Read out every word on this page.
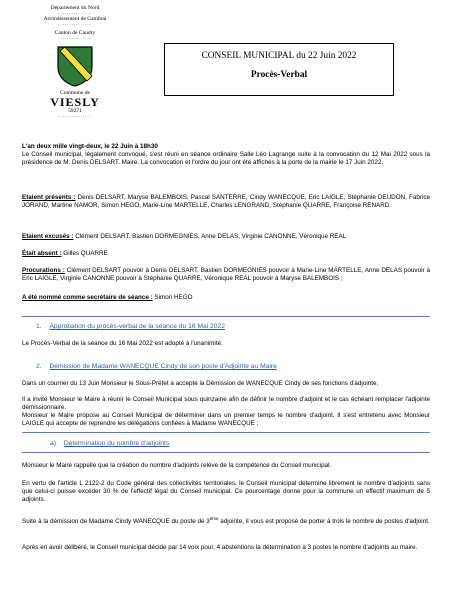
Département du Nord
...............
Arrondissement de Cambrai
...............
Canton de Caudry
...............
Commune de
VIESLY
59271
...............
CONSEIL MUNICIPAL du 22 Juin 2022
Procès-Verbal
L'an deux mille vingt-deux, le 22 Juin à 18h30
Le Conseil municipal, légalement convoqué, s'est réuni en séance ordinaire Salle Léo Lagrange suite à la convocation du 12 Mai 2022 sous la présidence de M. Denis DELSART, Maire. La convocation et l'ordre du jour ont été affichés à la porte de la mairie le 17 Juin 2022.
Etaient présents : Denis DELSART, Maryse BALEMBOIS, Pascal SANTERRE, Cindy WANECQUE, Eric LAIGLE, Stéphanie DEUDON, Fabrice JORAND, Martine NAMOR, Simon HEGO, Marie-Line MARTELLE, Charles LENGRAND, Stéphanie QUARRE, Françoise RENARD.
Etaient excusés : Clément DELSART, Bastien DORMEGNIES, Anne DELAS, Virginie CANONNE, Véronique REAL
Était absent : Gilles QUARRE
Procurations : Clément DELSART pouvoir à Denis DELSART, Bastien DORMEGNIES pouvoir à Marie-Line MARTELLE, Anne DELAS pouvoir à Eric LAIGLE, Virginie CANONNE pouvoir à Stéphanie QUARRE, Véronique REAL pouvoir à Maryse BALEMBOIS ;
A été nommé comme secrétaire de séance : Simon HEGO
1. Approbation du procès-verbal de la séance du 16 Mai 2022
Le Procès-Verbal de la séance du 16 Mai 2022 est adopté à l'unanimité.
2. Démission de Madame WANECQUE Cindy de son poste d'Adjointe au Maire
Dans un courrier du 13 Juin Monsieur le Sous-Préfet a accepté la Démission de WANECQUE Cindy de ses fonctions d'adjointe.
Il a invité Monsieur le Maire à réunir le Conseil Municipal sous quinzaine afin de définir le nombre d'adjoint et le cas échéant remplacer l'adjointe démissionnaire.
Monsieur le Maire propose au Conseil Municipal de déterminer dans un premier temps le nombre d'adjoint. Il s'est entretenu avec Monsieur LAIGLE qui accepte de reprendre les délégations confiées à Madame WANECQUE ;
a) Détermination du nombre d'adjoints
Monsieur le Maire rappelle que la création du nombre d'adjoints relève de la compétence du Conseil municipal.
En vertu de l'article L 2122-2 du Code général des collectivités territoriales, le Conseil municipal détermine librement le nombre d'adjoints sans que celui-ci puisse excéder 30 % de l'effectif légal du Conseil municipal. Ce pourcentage donne pour la commune un effectif maximum de 5 adjoints.
Suite à la démission de Madame Cindy WANECQUE du poste de 3ème adjointe, il vous est proposé de porter à trois le nombre de postes d'adjoint.
Après en avoir délibéré, le Conseil municipal décide par 14 voix pour, 4 abstentions la détermination à 3 postes le nombre d'adjoints au maire.
